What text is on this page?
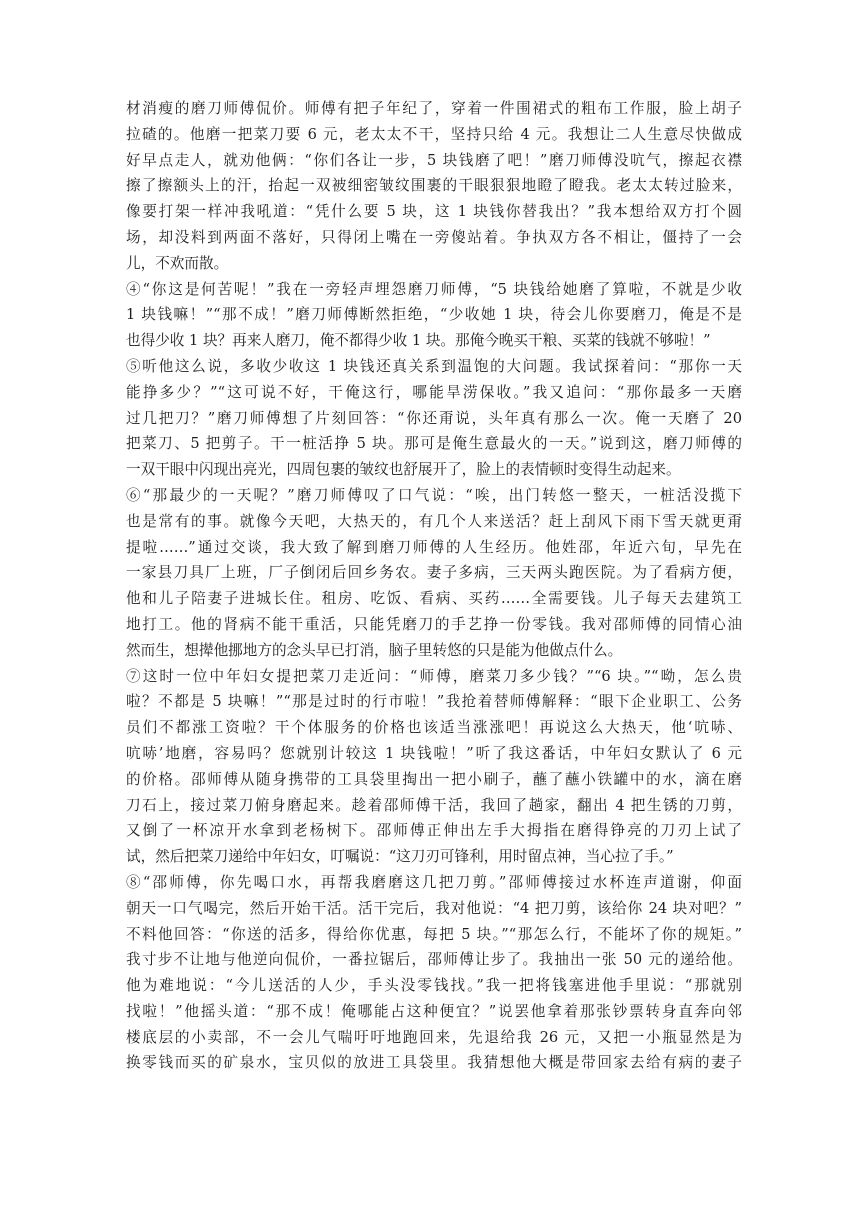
材消瘦的磨刀师傅侃价。师傅有把子年纪了，穿着一件围裙式的粗布工作服，脸上胡子
拉碴的。他磨一把菜刀要 6 元，老太太不干，坚持只给 4 元。我想让二人生意尽快做成
好早点走人，就劝他俩：“你们各让一步，5 块钱磨了吧！”磨刀师傅没吭气，擦起衣襟
擦了擦额头上的汗，抬起一双被细密皱纹围裹的干眼狠狠地瞪了瞪我。老太太转过脸来，
像要打架一样冲我吼道：“凭什么要 5 块，这 1 块钱你替我出？”我本想给双方打个圆
场，却没料到两面不落好，只得闭上嘴在一旁傻站着。争执双方各不相让，僵持了一会
儿，不欢而散。
④“你这是何苦呢！”我在一旁轻声埋怨磨刀师傅，“5 块钱给她磨了算啦，不就是少收
1 块钱嘛！”“那不成！”磨刀师傅断然拒绝，“少收她 1 块，待会儿你要磨刀，俺是不是
也得少收 1 块？再来人磨刀，俺不都得少收 1 块。那俺今晚买干粮、买菜的钱就不够啦！”
⑤听他这么说，多收少收这 1 块钱还真关系到温饱的大问题。我试探着问：“那你一天
能挣多少？”“这可说不好，干俺这行，哪能旱涝保收。”我又追问：“那你最多一天磨
过几把刀？”磨刀师傅想了片刻回答：“你还甭说，头年真有那么一次。俺一天磨了 20
把菜刀、5 把剪子。干一桩活挣 5 块。那可是俺生意最火的一天。”说到这，磨刀师傅的
一双干眼中闪现出亮光，四周包裹的皱纹也舒展开了，脸上的表情顿时变得生动起来。
⑥“那最少的一天呢？”磨刀师傅叹了口气说：“唉，出门转悠一整天，一桩活没揽下
也是常有的事。就像今天吧，大热天的，有几个人来送活？赶上刮风下雨下雪天就更甭
提啦……”通过交谈，我大致了解到磨刀师傅的人生经历。他姓邵，年近六旬，早先在
一家县刀具厂上班，厂子倒闭后回乡务农。妻子多病，三天两头跑医院。为了看病方便，
他和儿子陪妻子进城长住。租房、吃饭、看病、买药……全需要钱。儿子每天去建筑工
地打工。他的肾病不能干重活，只能凭磨刀的手艺挣一份零钱。我对邵师傅的同情心油
然而生，想撵他挪地方的念头早已打消，脑子里转悠的只是能为他做点什么。
⑦这时一位中年妇女提把菜刀走近问：“师傅，磨菜刀多少钱？”“6 块。”“呦，怎么贵
啦？不都是 5 块嘛！”“那是过时的行市啦！”我抢着替师傅解释：“眼下企业职工、公务
员们不都涨工资啦？干个体服务的价格也该适当涨涨吧！再说这么大热天，他‘吭哧、
吭哧’地磨，容易吗？您就别计较这 1 块钱啦！”听了我这番话，中年妇女默认了 6 元
的价格。邵师傅从随身携带的工具袋里掏出一把小刷子，蘸了蘸小铁罐中的水，滴在磨
刀石上，接过菜刀俯身磨起来。趁着邵师傅干活，我回了趟家，翻出 4 把生锈的刀剪，
又倒了一杯凉开水拿到老杨树下。邵师傅正伸出左手大拇指在磨得铮亮的刀刃上试了
试，然后把菜刀递给中年妇女，叮嘱说：“这刀刃可锋利，用时留点神，当心拉了手。”
⑧“邵师傅，你先喝口水，再帮我磨磨这几把刀剪。”邵师傅接过水杯连声道谢，仰面
朝天一口气喝完，然后开始干活。活干完后，我对他说：“4 把刀剪，该给你 24 块对吧？”
不料他回答：“你送的活多，得给你优惠，每把 5 块。”“那怎么行，不能坏了你的规矩。”
我寸步不让地与他逆向侃价，一番拉锯后，邵师傅让步了。我抽出一张 50 元的递给他。
他为难地说：“今儿送活的人少，手头没零钱找。”我一把将钱塞进他手里说：“那就别
找啦！”他摇头道：“那不成！俺哪能占这种便宜？”说罢他拿着那张钞票转身直奔向邻
楼底层的小卖部，不一会儿气喘吁吁地跑回来，先退给我 26 元，又把一小瓶显然是为
换零钱而买的矿泉水，宝贝似的放进工具袋里。我猜想他大概是带回家去给有病的妻子
